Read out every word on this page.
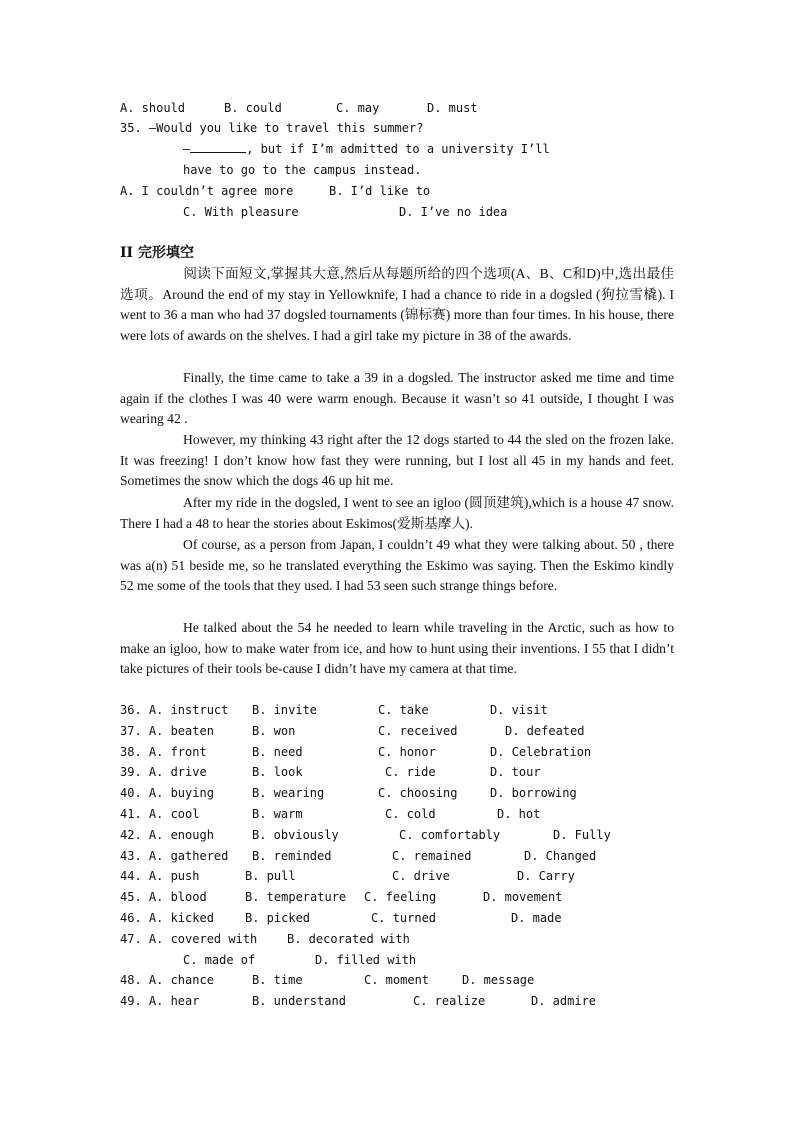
A. should	B. could	C. may	D. must
35. —Would you like to travel this summer?
—	, but if I’m admitted to a university I’ll
have to go to the campus instead.
A. I couldn’t agree more	B. I’d like to
C. With pleasure	D. I’ve no idea
II 完形填空
阅读下面短文,掌握其大意,然后从每题所给的四个选项(A、B、C和D)中,选出最佳选项。Around the end of my stay in Yellowknife, I had a chance to ride in a dogsled (狗拉雪橇). I went to 36 a man who had 37 dogsled tournaments (锦标赛) more than four times. In his house, there were lots of awards on the shelves. I had a girl take my picture in 38 of the awards.
Finally, the time came to take a 39 in a dogsled. The instructor asked me time and time again if the clothes I was 40 were warm enough. Because it wasn’t so 41 outside, I thought I was wearing 42 .
However, my thinking 43 right after the 12 dogs started to 44 the sled on the frozen lake. It was freezing! I don’t know how fast they were running, but I lost all 45 in my hands and feet. Sometimes the snow which the dogs 46 up hit me.
After my ride in the dogsled, I went to see an igloo (圆顶建筑),which is a house 47 snow. There I had a 48 to hear the stories about Eskimos(爱斯基摩人).
Of course, as a person from Japan, I couldn’t 49 what they were talking about. 50 , there was a(n) 51 beside me, so he translated everything the Eskimo was saying. Then the Eskimo kindly 52 me some of the tools that they used. I had 53 seen such strange things before.
He talked about the 54 he needed to learn while traveling in the Arctic, such as how to make an igloo, how to make water from ice, and how to hunt using their inventions. I 55 that I didn’t take pictures of their tools be-cause I didn’t have my camera at that time.
36. A. instruct B. invite	C. take	D. visit
37. A. beaten	B. won	C. received	D. defeated
38. A. front	B. need	C. honor	D. Celebration
39. A. drive	B. look	C. ride	D. tour
40. A. buying	B. wearing	C. choosing	D. borrowing
41. A. cool	B. warm	C. cold	D. hot
42. A. enough	B. obviously	C. comfortably	D. Fully
43. A. gathered B. reminded	C. remained	D. Changed
44. A. push	B. pull	C. drive	D. Carry
45. A. blood	B. temperature C. feeling	D. movement
46. A. kicked	B. picked	C. turned	D. made
47. A. covered with B. decorated with
C. made of	D. filled with
48. A. chance	B. time	C. moment	D. message
49. A. hear	B. understand	C. realize	D. admire
